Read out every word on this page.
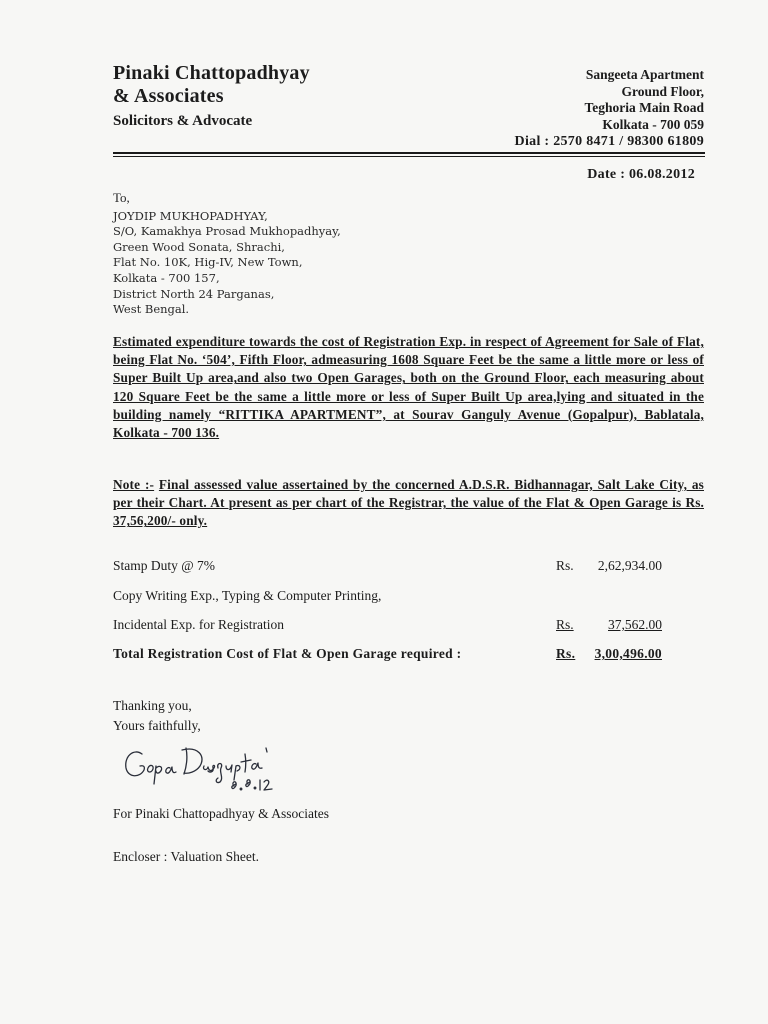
Pinaki Chattopadhyay
& Associates
Solicitors & Advocate
Sangeeta Apartment
Ground Floor,
Teghoria Main Road
Kolkata - 700 059
Dial : 2570 8471 / 98300 61809
Date : 06.08.2012
To,
JOYDIP MUKHOPADHYAY,
S/O, Kamakhya Prosad Mukhopadhyay,
Green Wood Sonata, Shrachi,
Flat No. 10K, Hig-IV, New Town,
Kolkata - 700 157,
District North 24 Parganas,
West Bengal.
Estimated expenditure towards the cost of Registration Exp. in respect of Agreement for Sale of Flat, being Flat No. ‘504’, Fifth Floor, admeasuring 1608 Square Feet be the same a little more or less of Super Built Up area,and also two Open Garages, both on the Ground Floor, each measuring about 120 Square Feet be the same a little more or less of Super Built Up area,lying and situated in the building namely “RITTIKA APARTMENT”, at Sourav Ganguly Avenue (Gopalpur), Bablatala, Kolkata - 700 136.
Note :- Final assessed value assertained by the concerned A.D.S.R. Bidhannagar, Salt Lake City, as per their Chart. At present as per chart of the Registrar, the value of the Flat & Open Garage is Rs. 37,56,200/- only.
Stamp Duty @ 7%	Rs. 2,62,934.00
Copy Writing Exp., Typing & Computer Printing,
Incidental Exp. for Registration	Rs.	37,562.00
Total Registration Cost of Flat & Open Garage required :	Rs. 3,00,496.00
Thanking you,
Yours faithfully,
For Pinaki Chattopadhyay & Associates
Encloser : Valuation Sheet.
